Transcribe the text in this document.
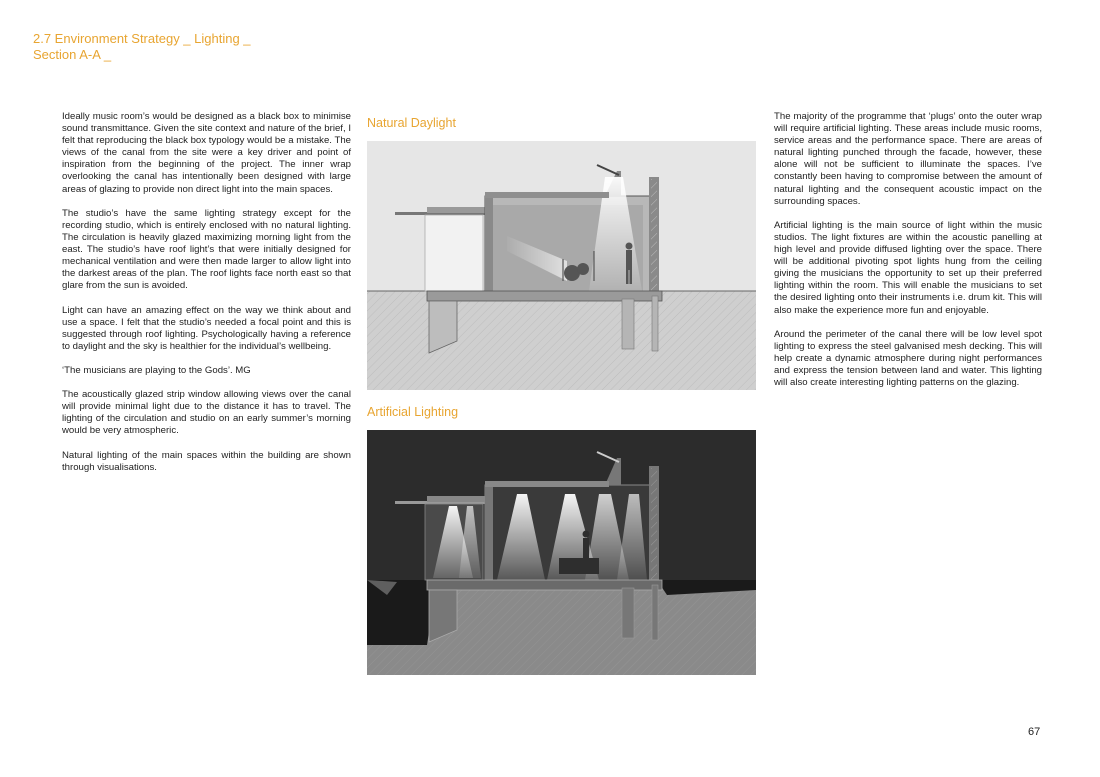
2.7 Environment Strategy _ Lighting _
Section A-A _

Ideally music room’s would be designed as a black box to minimise sound transmittance. Given the site context and nature of the brief, I felt that reproducing the black box typology would be a mistake. The views of the canal from the site were a key driver and point of inspiration from the beginning of the project. The inner wrap overlooking the canal has intentionally been designed with large areas of glazing to provide non direct light into the main spaces.

The studio’s have the same lighting strategy except for the recording studio, which is entirely enclosed with no natural lighting. The circulation is heavily glazed maximizing morning light from the east. The studio’s have roof light’s that were initially designed for mechanical ventilation and were then made larger to allow light into the darkest areas of the plan. The roof lights face north east so that glare from the sun is avoided.

Light can have an amazing effect on the way we think about and use a space. I felt that the studio’s needed a focal point and this is suggested through roof lighting. Psychologically having a reference to daylight and the sky is healthier for the individual’s wellbeing.

‘The musicians are playing to the Gods’. MG

The acoustically glazed strip window allowing views over the canal will provide minimal light due to the distance it has to travel. The lighting of the circulation and studio on an early summer’s morning would be very atmospheric.

Natural lighting of the main spaces within the building are shown through visualisations.

Natural Daylight
Artificial Lighting

The majority of the programme that ‘plugs’ onto the outer wrap will require artificial lighting. These areas include music rooms, service areas and the performance space. There are areas of natural lighting punched through the facade, however, these alone will not be sufficient to illuminate the spaces. I’ve constantly been having to compromise between the amount of natural lighting and the consequent acoustic impact on the surrounding spaces.

Artificial lighting is the main source of light within the music studios. The light fixtures are within the acoustic panelling at high level and provide diffused lighting over the space. There will be additional pivoting spot lights hung from the ceiling giving the musicians the opportunity to set up their preferred lighting within the room. This will enable the musicians to set the desired lighting onto their instruments i.e. drum kit. This will also make the experience more fun and enjoyable.

Around the perimeter of the canal there will be low level spot lighting to express the steel galvanised mesh decking. This will help create a dynamic atmosphere during night performances and express the tension between land and water. This lighting will also create interesting lighting patterns on the glazing.

67
